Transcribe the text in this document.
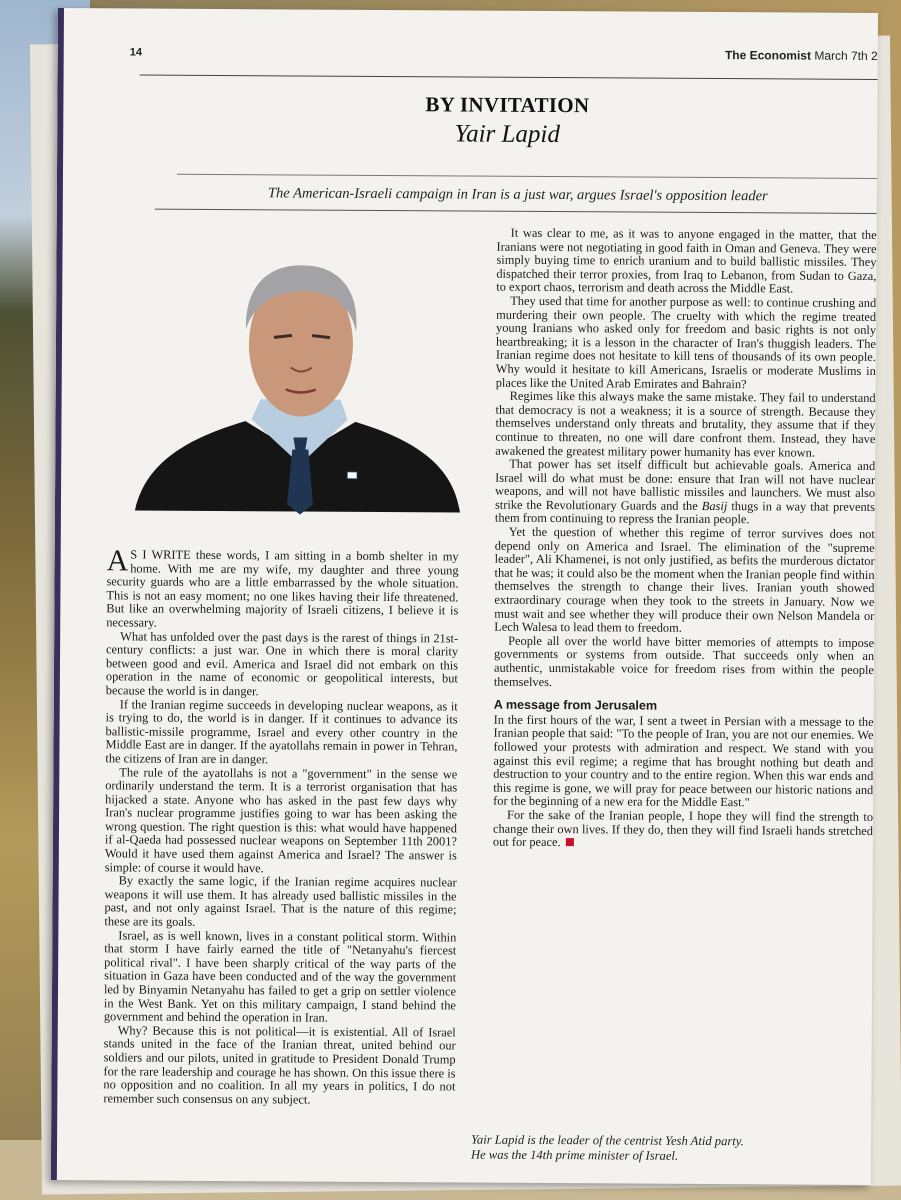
14	The Economist March 7th 2
BY INVITATION
Yair Lapid
The American-Israeli campaign in Iran is a just war, argues Israel's opposition leader

A S I WRITE these words, I am sitting in a bomb shelter in my home. With me are my wife, my daughter and three young security guards who are a little embarrassed by the whole situation. This is not an easy moment; no one likes having their life threatened. But like an overwhelming majority of Israeli citizens, I believe it is necessary.

What has unfolded over the past days is the rarest of things in 21st-century conflicts: a just war. One in which there is moral clarity between good and evil. America and Israel did not embark on this operation in the name of economic or geopolitical interests, but because the world is in danger.

If the Iranian regime succeeds in developing nuclear weapons, as it is trying to do, the world is in danger. If it continues to advance its ballistic-missile programme, Israel and every other country in the Middle East are in danger. If the ayatollahs remain in power in Tehran, the citizens of Iran are in danger.

The rule of the ayatollahs is not a "government" in the sense we ordinarily understand the term. It is a terrorist organisation that has hijacked a state. Anyone who has asked in the past few days why Iran's nuclear programme justifies going to war has been asking the wrong question. The right question is this: what would have happened if al-Qaeda had possessed nuclear weapons on September 11th 2001? Would it have used them against America and Israel? The answer is simple: of course it would have.

By exactly the same logic, if the Iranian regime acquires nuclear weapons it will use them. It has already used ballistic missiles in the past, and not only against Israel. That is the nature of this regime; these are its goals.

Israel, as is well known, lives in a constant political storm. Within that storm I have fairly earned the title of "Netanyahu's fiercest political rival". I have been sharply critical of the way parts of the situation in Gaza have been conducted and of the way the government led by Binyamin Netanyahu has failed to get a grip on settler violence in the West Bank. Yet on this military campaign, I stand behind the government and behind the operation in Iran.

Why? Because this is not political—it is existential. All of Israel stands united in the face of the Iranian threat, united behind our soldiers and our pilots, united in gratitude to President Donald Trump for the rare leadership and courage he has shown. On this issue there is no opposition and no coalition. In all my years in politics, I do not remember such consensus on any subject.

It was clear to me, as it was to anyone engaged in the matter, that the Iranians were not negotiating in good faith in Oman and Geneva. They were simply buying time to enrich uranium and to build ballistic missiles. They dispatched their terror proxies, from Iraq to Lebanon, from Sudan to Gaza, to export chaos, terrorism and death across the Middle East.

They used that time for another purpose as well: to continue crushing and murdering their own people. The cruelty with which the regime treated young Iranians who asked only for freedom and basic rights is not only heartbreaking; it is a lesson in the character of Iran's thuggish leaders. The Iranian regime does not hesitate to kill tens of thousands of its own people. Why would it hesitate to kill Americans, Israelis or moderate Muslims in places like the United Arab Emirates and Bahrain?

Regimes like this always make the same mistake. They fail to understand that democracy is not a weakness; it is a source of strength. Because they themselves understand only threats and brutality, they assume that if they continue to threaten, no one will dare confront them. Instead, they have awakened the greatest military power humanity has ever known.

That power has set itself difficult but achievable goals. America and Israel will do what must be done: ensure that Iran will not have nuclear weapons, and will not have ballistic missiles and launchers. We must also strike the Revolutionary Guards and the Basij thugs in a way that prevents them from continuing to repress the Iranian people.

Yet the question of whether this regime of terror survives does not depend only on America and Israel. The elimination of the "supreme leader", Ali Khamenei, is not only justified, as befits the murderous dictator that he was; it could also be the moment when the Iranian people find within themselves the strength to change their lives. Iranian youth showed extraordinary courage when they took to the streets in January. Now we must wait and see whether they will produce their own Nelson Mandela or Lech Walesa to lead them to freedom.

People all over the world have bitter memories of attempts to impose governments or systems from outside. That succeeds only when an authentic, unmistakable voice for freedom rises from within the people themselves.

A message from Jerusalem

In the first hours of the war, I sent a tweet in Persian with a message to the Iranian people that said: "To the people of Iran, you are not our enemies. We followed your protests with admiration and respect. We stand with you against this evil regime; a regime that has brought nothing but death and destruction to your country and to the entire region. When this war ends and this regime is gone, we will pray for peace between our historic nations and for the beginning of a new era for the Middle East."

For the sake of the Iranian people, I hope they will find the strength to change their own lives. If they do, then they will find Israeli hands stretched out for peace.

Yair Lapid is the leader of the centrist Yesh Atid party.
He was the 14th prime minister of Israel.
